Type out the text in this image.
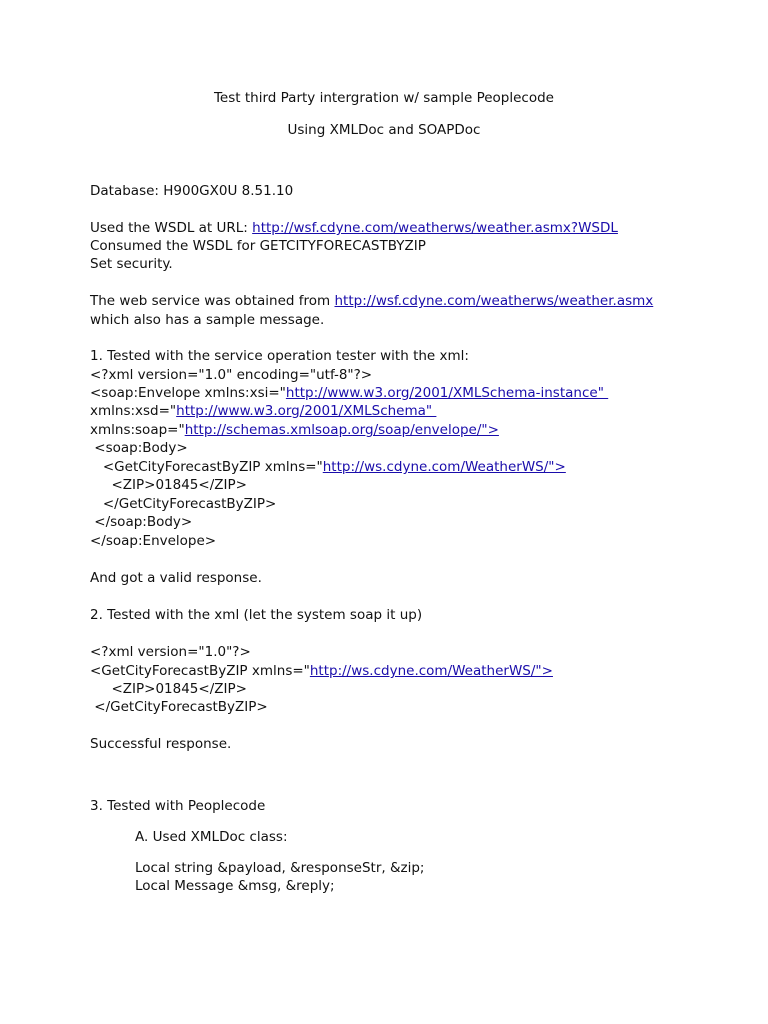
Test third Party intergration w/ sample Peoplecode
Using XMLDoc and SOAPDoc
Database: H900GX0U 8.51.10
Used the WSDL at URL: http://wsf.cdyne.com/weatherws/weather.asmx?WSDL
Consumed the WSDL for GETCITYFORECASTBYZIP
Set security.
The web service was obtained from http://wsf.cdyne.com/weatherws/weather.asmx
which also has a sample message.
1. Tested with the service operation tester with the xml:
<?xml version="1.0" encoding="utf-8"?>
<soap:Envelope xmlns:xsi="http://www.w3.org/2001/XMLSchema-instance"
xmlns:xsd="http://www.w3.org/2001/XMLSchema"
xmlns:soap="http://schemas.xmlsoap.org/soap/envelope/">
<soap:Body>
<GetCityForecastByZIP xmlns="http://ws.cdyne.com/WeatherWS/">
<ZIP>01845</ZIP>
</GetCityForecastByZIP>
</soap:Body>
</soap:Envelope>
And got a valid response.
2. Tested with the xml (let the system soap it up)
<?xml version="1.0"?>
<GetCityForecastByZIP xmlns="http://ws.cdyne.com/WeatherWS/">
<ZIP>01845</ZIP>
</GetCityForecastByZIP>
Successful response.
3. Tested with Peoplecode
A. Used XMLDoc class:
Local string &payload, &responseStr, &zip;
Local Message &msg, &reply;
